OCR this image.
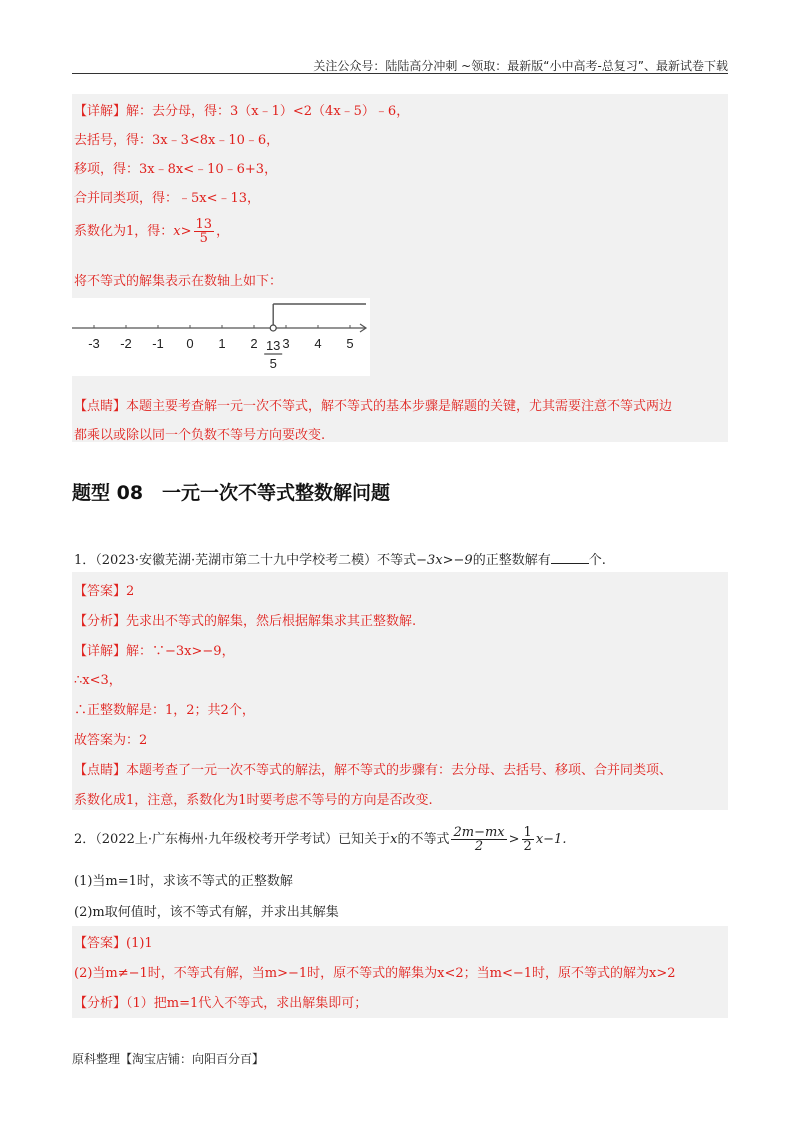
关注公众号：陆陆高分冲刺 ~领取：最新版“小中高考-总复习”、最新试卷下载
【详解】解：去分母，得：3（x﹣1）<2（4x﹣5）﹣6，
去括号，得：3x﹣3<8x﹣10﹣6，
移项，得：3x﹣8x<﹣10﹣6+3，
合并同类项，得：﹣5x<﹣13，
系数化为1，得：$x> \frac{13}{5}$ ，
将不等式的解集表示在数轴上如下：
-3 -2 -1 0 1 2 3 4 5
13
5
【点睛】本题主要考查解一元一次不等式，解不等式的基本步骤是解题的关键，尤其需要注意不等式两边
都乘以或除以同一个负数不等号方向要改变.
题型 08　一元一次不等式整数解问题
1．（2023·安徽芜湖·芜湖市第二十九中学校考二模）不等式−3x>−9的正整数解有	个.
【答案】2
【分析】先求出不等式的解集，然后根据解集求其正整数解.
【详解】解：∵−3x>−9，
∴x<3，
∴正整数解是：1，2；共2个，
故答案为：2
【点睛】本题考查了一元一次不等式的解法，解不等式的步骤有：去分母、去括号、移项、合并同类项、
系数化成1，注意，系数化为1时要考虑不等号的方向是否改变.
2．（2022上·广东梅州·九年级校考开学考试）已知关于x的不等式 $\frac{2m-mx}{2} > \frac{1}{2} x-1$.
(1)当m=1时，求该不等式的正整数解
(2)m取何值时，该不等式有解，并求出其解集
【答案】(1)1
(2)当m≠−1时，不等式有解，当m>−1时，原不等式的解集为x<2；当m<−1时，原不等式的解为x>2
【分析】（1）把m=1代入不等式，求出解集即可；
原科整理【淘宝店铺：向阳百分百】
